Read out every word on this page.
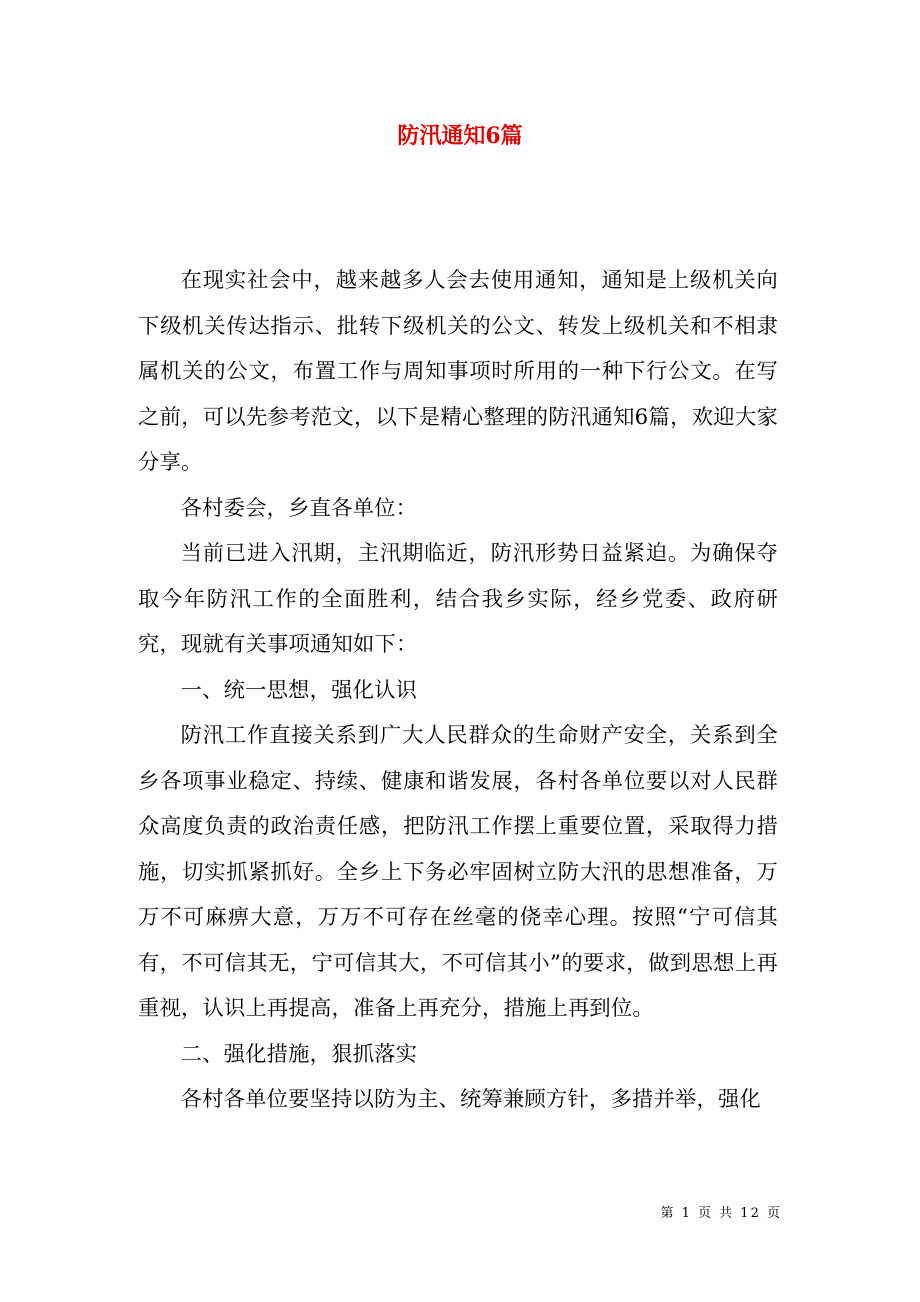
防汛通知6篇

在现实社会中，越来越多人会去使用通知，通知是上级机关向下级机关传达指示、批转下级机关的公文、转发上级机关和不相隶属机关的公文，布置工作与周知事项时所用的一种下行公文。在写之前，可以先参考范文，以下是精心整理的防汛通知6篇，欢迎大家分享。

各村委会，乡直各单位：

当前已进入汛期，主汛期临近，防汛形势日益紧迫。为确保夺取今年防汛工作的全面胜利，结合我乡实际，经乡党委、政府研究，现就有关事项通知如下：

一、统一思想，强化认识

防汛工作直接关系到广大人民群众的生命财产安全，关系到全乡各项事业稳定、持续、健康和谐发展，各村各单位要以对人民群众高度负责的政治责任感，把防汛工作摆上重要位置，采取得力措施，切实抓紧抓好。全乡上下务必牢固树立防大汛的思想准备，万万不可麻痹大意，万万不可存在丝毫的侥幸心理。按照“宁可信其有，不可信其无，宁可信其大，不可信其小”的要求，做到思想上再重视，认识上再提高，准备上再充分，措施上再到位。

二、强化措施，狠抓落实

各村各单位要坚持以防为主、统筹兼顾方针，多措并举，强化

第 1 页 共 12 页
